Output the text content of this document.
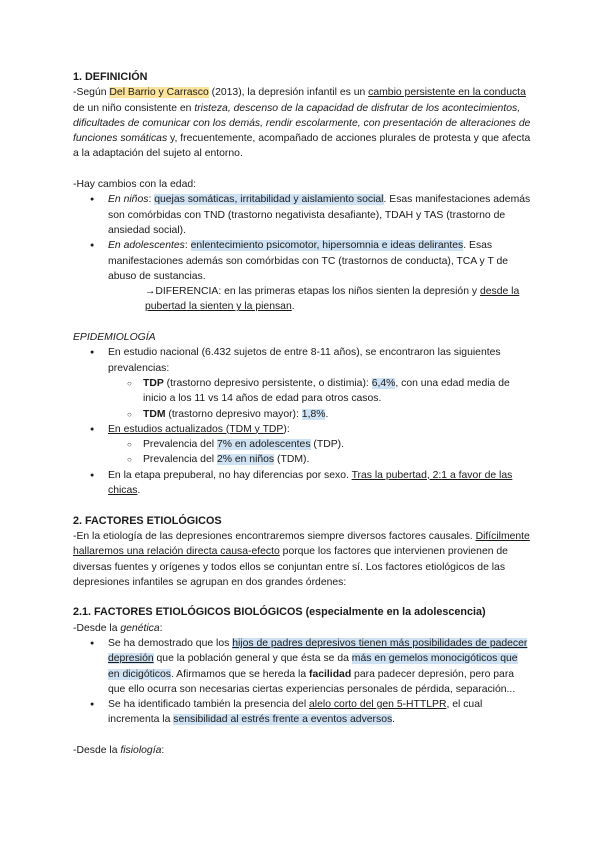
1. DEFINICIÓN

-Según Del Barrio y Carrasco (2013), la depresión infantil es un cambio persistente en la conducta de un niño consistente en tristeza, descenso de la capacidad de disfrutar de los acontecimientos, dificultades de comunicar con los demás, rendir escolarmente, con presentación de alteraciones de funciones somáticas y, frecuentemente, acompañado de acciones plurales de protesta y que afecta a la adaptación del sujeto al entorno.

-Hay cambios con la edad:

● En niños: quejas somáticas, irritabilidad y aislamiento social. Esas manifestaciones además son comórbidas con TND (trastorno negativista desafiante), TDAH y TAS (trastorno de ansiedad social).
● En adolescentes: enlentecimiento psicomotor, hipersomnia e ideas delirantes. Esas manifestaciones además son comórbidas con TC (trastornos de conducta), TCA y T de abuso de sustancias.

→DIFERENCIA: en las primeras etapas los niños sienten la depresión y desde la pubertad la sienten y la piensan.

EPIDEMIOLOGÍA

● En estudio nacional (6.432 sujetos de entre 8-11 años), se encontraron las siguientes prevalencias:
○ TDP (trastorno depresivo persistente, o distimia): 6,4%, con una edad media de inicio a los 11 vs 14 años de edad para otros casos.
○ TDM (trastorno depresivo mayor): 1,8%.
● En estudios actualizados (TDM y TDP):
○ Prevalencia del 7% en adolescentes (TDP).
○ Prevalencia del 2% en niños (TDM).
● En la etapa prepuberal, no hay diferencias por sexo. Tras la pubertad, 2:1 a favor de las chicas.

2. FACTORES ETIOLÓGICOS

-En la etiología de las depresiones encontraremos siempre diversos factores causales. Difícilmente hallaremos una relación directa causa-efecto porque los factores que intervienen provienen de diversas fuentes y orígenes y todos ellos se conjuntan entre sí. Los factores etiológicos de las depresiones infantiles se agrupan en dos grandes órdenes:

2.1. FACTORES ETIOLÓGICOS BIOLÓGICOS (especialmente en la adolescencia)

-Desde la genética:

● Se ha demostrado que los hijos de padres depresivos tienen más posibilidades de padecer depresión que la población general y que ésta se da más en gemelos monocigóticos que en dicigóticos. Afirmamos que se hereda la facilidad para padecer depresión, pero para que ello ocurra son necesarias ciertas experiencias personales de pérdida, separación...
● Se ha identificado también la presencia del alelo corto del gen 5-HTTLPR, el cual incrementa la sensibilidad al estrés frente a eventos adversos.

-Desde la fisiología:
